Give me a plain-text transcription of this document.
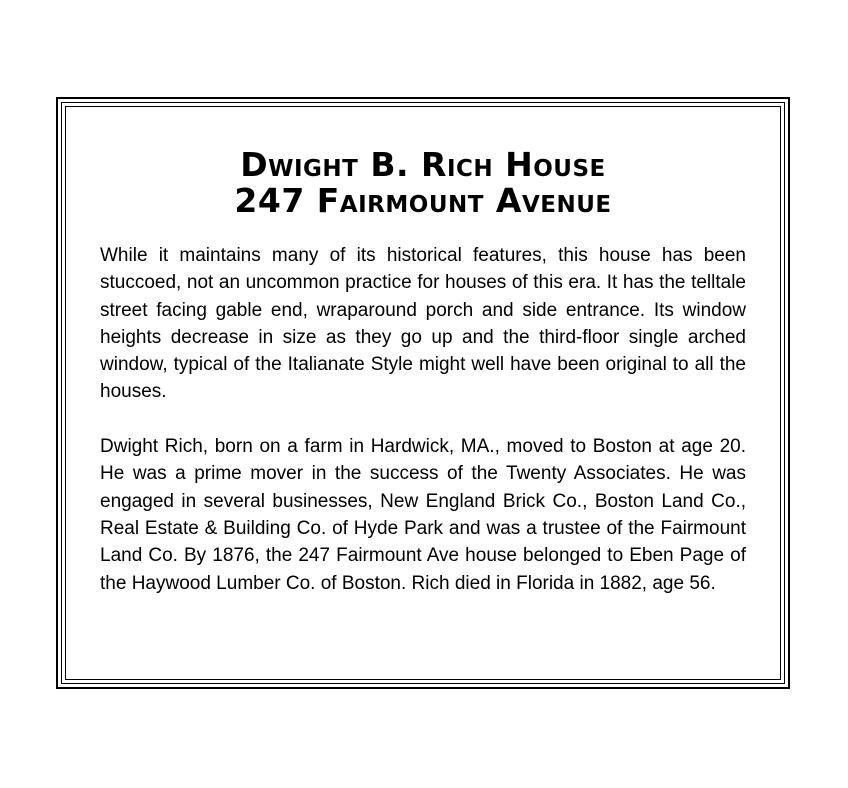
Dwight B. Rich House
247 Fairmount Avenue

While it maintains many of its historical features, this house has been stuccoed, not an uncommon practice for houses of this era. It has the telltale street facing gable end, wraparound porch and side entrance. Its window heights decrease in size as they go up and the third-floor single arched window, typical of the Italianate Style might well have been original to all the houses.

Dwight Rich, born on a farm in Hardwick, MA., moved to Boston at age 20. He was a prime mover in the success of the Twenty Associates. He was engaged in several businesses, New England Brick Co., Boston Land Co., Real Estate & Building Co. of Hyde Park and was a trustee of the Fairmount Land Co. By 1876, the 247 Fairmount Ave house belonged to Eben Page of the Haywood Lumber Co. of Boston. Rich died in Florida in 1882, age 56.
